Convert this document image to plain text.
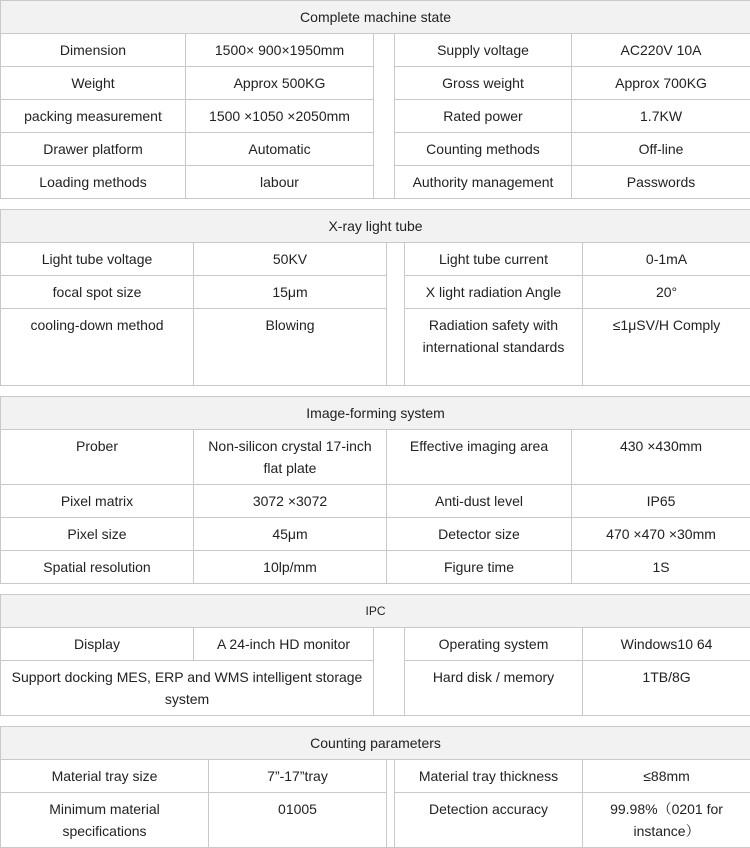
Complete machine state									
Dimension	1500× 900×1950mm					Supply voltage		AC220V 10A	
Weight	Approx 500KG					Gross weight		Approx 700KG	
packing measurement	1500 ×1050 ×2050mm					Rated power		1.7KW	
Drawer platform	Automatic					Counting methods		Off-line	
Loading methods	labour					Authority management		Passwords	

X-ray light tube									
Light tube voltage		50KV					Light tube current		0-1mA
focal spot size		15μm					X light radiation Angle		20°
cooling-down method		Blowing					Radiation safety with international standards		≤1μSV/H Comply

Image-forming system									
Prober		Non-silicon crystal 17-inch flat plate			Effective imaging area			430 ×430mm	
Pixel matrix		3072 ×3072			Anti-dust level			IP65	
Pixel size		45μm			Detector size			470 ×470 ×30mm	
Spatial resolution		10lp/mm			Figure time			1S	

IPC									
Display		A 24-inch HD monitor					Operating system		Windows10 64
Support docking MES, ERP and WMS intelligent storage system							Hard disk / memory		1TB/8G

Counting parameters									
Material tray size			7”-17”tray			Material tray thickness			≤88mm
Minimum material specifications			01005			Detection accuracy			99.98%（0201 for instance）
